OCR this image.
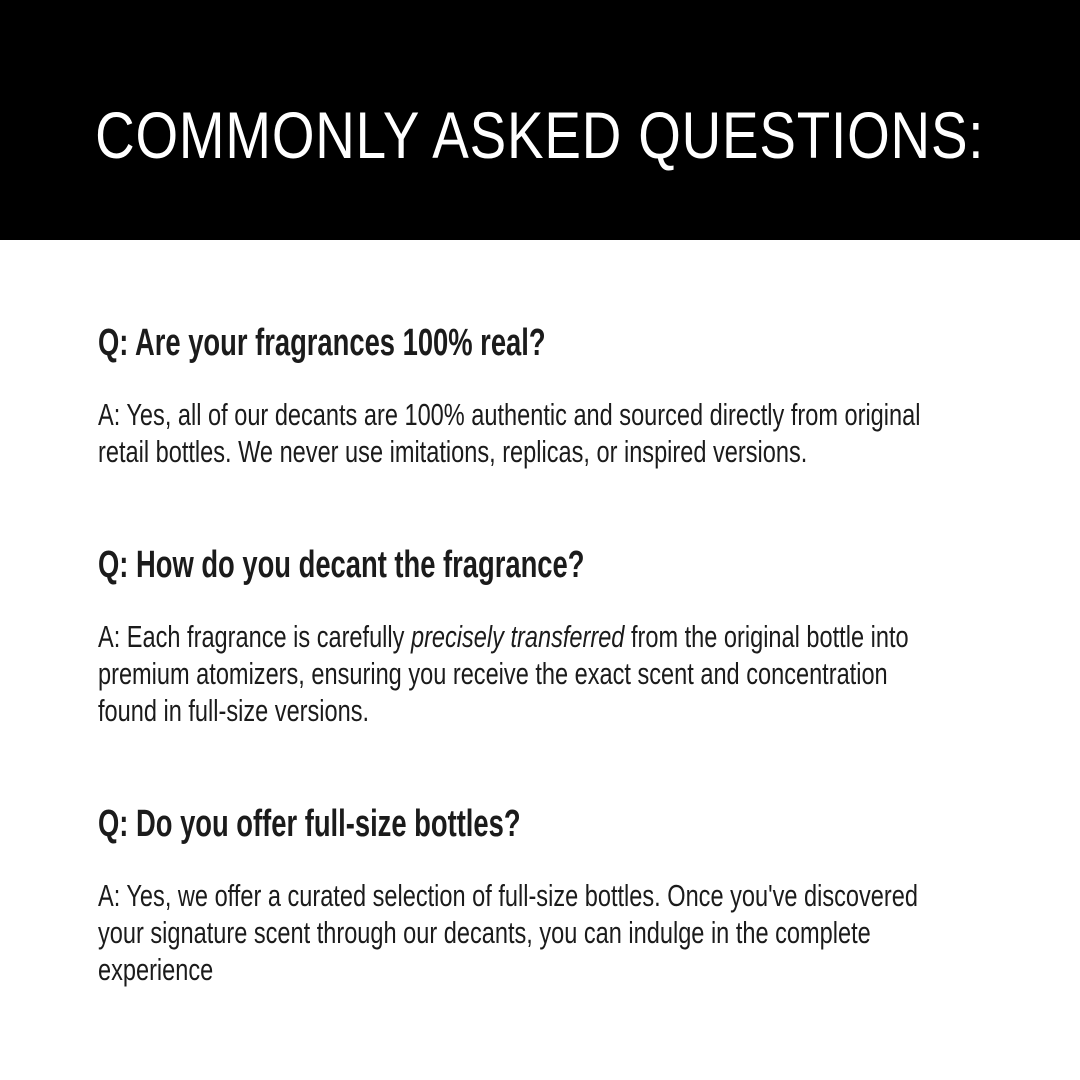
COMMONLY ASKED QUESTIONS:
Q: Are your fragrances 100% real?
A: Yes, all of our decants are 100% authentic and sourced directly from original
retail bottles. We never use imitations, replicas, or inspired versions.
Q: How do you decant the fragrance?
A: Each fragrance is carefully precisely transferred from the original bottle into
premium atomizers, ensuring you receive the exact scent and concentration
found in full-size versions.
Q: Do you offer full-size bottles?
A: Yes, we offer a curated selection of full-size bottles. Once you've discovered
your signature scent through our decants, you can indulge in the complete
experience
